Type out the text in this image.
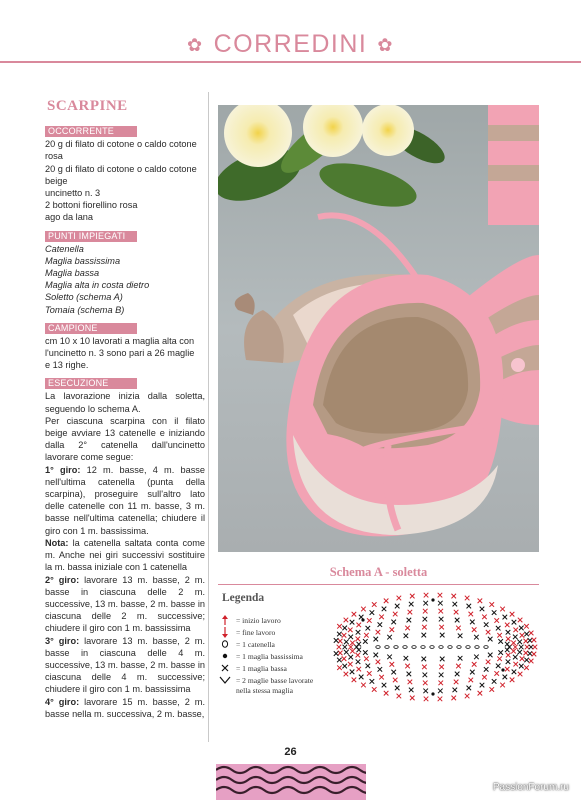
✿ CORREDINI ✿
SCARPINE
OCCORRENTE
20 g di filato di cotone o caldo cotone
rosa
20 g di filato di cotone o caldo cotone
beige
uncinetto n. 3
2 bottoni fiorellino rosa
ago da lana
PUNTI IMPIEGATI
Catenella
Maglia bassissima
Maglia bassa
Maglia alta in costa dietro
Soletto (schema A)
Tomaia (schema B)
CAMPIONE
cm 10 x 10 lavorati a maglia alta con
l'uncinetto n. 3 sono pari a 26 maglie
e 13 righe.
ESECUZIONE
La lavorazione inizia dalla soletta, seguendo lo schema A.
Per ciascuna scarpina con il filato beige avviare 13 catenelle e iniziando dalla 2° catenella dall'uncinetto lavorare come segue:
1° giro: 12 m. basse, 4 m. basse nell'ultima catenella (punta della scarpina), proseguire sull'altro lato delle catenelle con 11 m. basse, 3 m. basse nell'ultima catenella; chiudere il giro con 1 m. bassissima.
Nota: la catenella saltata conta come m. Anche nei giri successivi sostituire la m. bassa iniziale con 1 catenella
2° giro: lavorare 13 m. basse, 2 m. basse in ciascuna delle 2 m. successive, 13 m. basse, 2 m. basse in ciascuna delle 2 m. successive; chiudere il giro con 1 m. bassissima
3° giro: lavorare 13 m. basse, 2 m. basse in ciascuna delle 4 m. successive, 13 m. basse, 2 m. basse in ciascuna delle 4 m. successive; chiudere il giro con 1 m. bassissima
4° giro: lavorare 15 m. basse, 2 m. basse nella m. successiva, 2 m. basse,
Schema A - soletta
Legenda
= inizio lavoro
= fine lavoro
= 1 catenella
= 1 maglia bassissima
= 1 maglia bassa
= 2 maglie basse lavorate
nella stessa maglia
26
PassionForum.ru
